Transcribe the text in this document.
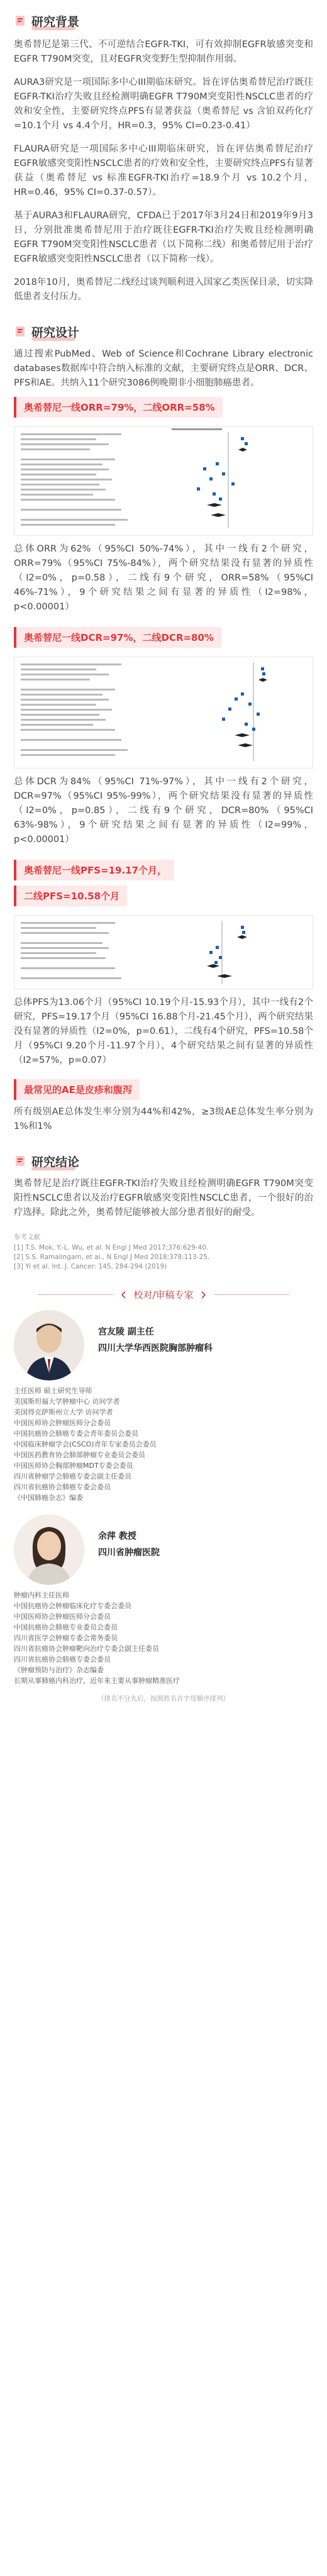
研究背景

奥希替尼是第三代、不可逆结合EGFR-TKI，可有效抑制EGFR敏感突变和EGFR T790M突变，且对EGFR突变野生型抑制作用弱。

AURA3研究是一项国际多中心III期临床研究。旨在评估奥希替尼治疗既往EGFR-TKI治疗失败且经检测明确EGFR T790M突变阳性NSCLC患者的疗效和安全性，主要研究终点PFS有显著获益（奥希替尼 vs 含铂双药化疗=10.1个月 vs 4.4个月，HR=0.3，95% CI=0.23-0.41）

FLAURA研究是一项国际多中心III期临床研究，旨在评估奥希替尼治疗EGFR敏感突变阳性NSCLC患者的疗效和安全性，主要研究终点PFS有显著获益（奥希替尼 vs 标准EGFR-TKI治疗=18.9个月 vs 10.2个月，HR=0.46，95% CI=0.37-0.57）。

基于AURA3和FLAURA研究，CFDA已于2017年3月24日和2019年9月3日，分别批准奥希替尼用于治疗既往EGFR-TKI治疗失败且经检测明确EGFR T790M突变阳性NSCLC患者（以下简称二线）和奥希替尼用于治疗EGFR敏感突变阳性NSCLC患者（以下简称一线）。

2018年10月，奥希替尼二线经过谈判顺利进入国家乙类医保目录，切实降低患者支付压力。

研究设计

通过搜索PubMed、Web of Science和Cochrane Library electronic databases数据库中符合纳入标准的文献，主要研究终点是ORR、DCR、PFS和AE。共纳入11个研究3086例晚期非小细胞肺癌患者。

奥希替尼一线ORR=79%，二线ORR=58%

总体ORR为62%（95%CI 50%-74%），其中一线有2个研究，ORR=79%（95%CI 75%-84%），两个研究结果没有显著的异质性（I2=0%，p=0.58），二线有9个研究，ORR=58%（95%CI 46%-71%），9个研究结果之间有显著的异质性（I2=98%，p<0.00001）

奥希替尼一线DCR=97%，二线DCR=80%

总体DCR为84%（95%CI 71%-97%），其中一线有2个研究，DCR=97%（95%CI 95%-99%），两个研究结果没有显著的异质性（I2=0%，p=0.85），二线有9个研究，DCR=80%（95%CI 63%-98%），9个研究结果之间有显著的异质性（I2=99%，p<0.00001）

奥希替尼一线PFS=19.17个月，
二线PFS=10.58个月

总体PFS为13.06个月（95%CI 10.19个月-15.93个月），其中一线有2个研究，PFS=19.17个月（95%CI 16.88个月-21.45个月），两个研究结果没有显著的异质性（I2=0%，p=0.61），二线有4个研究，PFS=10.58个月（95%CI 9.20个月-11.97个月），4个研究结果之间有显著的异质性（I2=57%，p=0.07）

最常见的AE是皮疹和腹泻

所有级别AE总体发生率分别为44%和42%，≥3级AE总体发生率分别为1%和1%

研究结论

奥希替尼是治疗既往EGFR-TKI治疗失败且经检测明确EGFR T790M突变阳性NSCLC患者以及治疗EGFR敏感突变阳性NSCLC患者，一个很好的治疗选择。除此之外，奥希替尼能够被大部分患者很好的耐受。

参考文献
[1] T.S. Mok, Y.-L. Wu, et al. N Engl J Med 2017;376:629-40.
[2] S.S. Ramalingam, et al., N Engl J Med 2018;378:113-25.
[3] Yi et al. Int. J. Cancer: 145, 284-294 (2019)
校对/审稿专家
宫友陵 副主任
四川大学华西医院胸部肿瘤科
主任医师 硕士研究生导师
美国斯坦福大学肿瘤中心 访问学者
美国得克萨斯州立大学 访问学者
中国医师协会肿瘤医师分会委员
中国抗癌协会肺癌专委会青年委员会委员
中国临床肿瘤学会(CSCO)青年专家委员会委员
中国医药教育协会肺部肿瘤专业委员会委员
中国医师协会胸部肿瘤MDT专委会委员
四川省肿瘤学会肺癌专委会副主任委员
四川省抗癌协会肺癌专委会委员
《中国肺癌杂志》编委
余萍 教授
四川省肿瘤医院
肿瘤内科主任医师
中国抗癌协会肿瘤临床化疗专委会委员
中国医师协会肿瘤医师分会委员
中国抗癌协会肺癌专业委员会委员
四川省医学会肿瘤专委会常务委员
四川省抗癌协会肿瘤靶向治疗专委会副主任委员
四川省抗癌协会肺癌专委会委员
《肿瘤预防与治疗》杂志编委
长期从事肺癌内科治疗，近年来主要从事肿瘤精准医疗
（排名不分先后，按照姓名首字母顺序排列）
